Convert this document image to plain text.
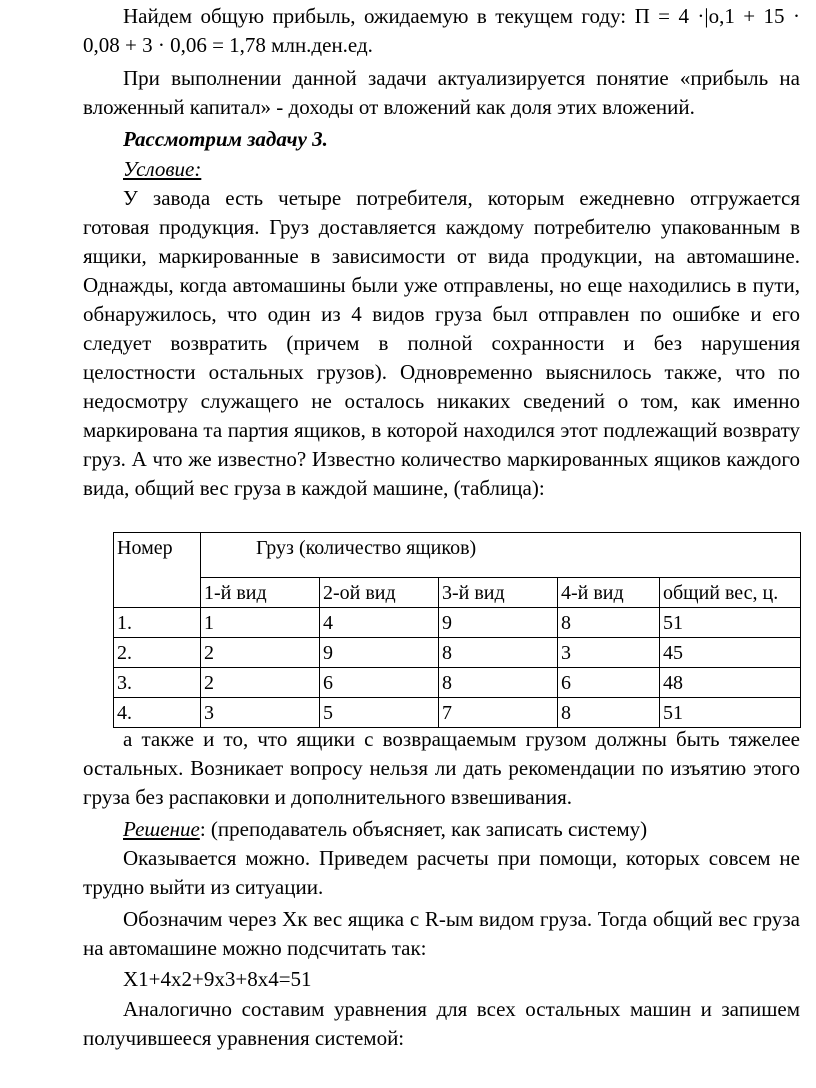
Найдем общую прибыль, ожидаемую в текущем году: П = 4 ·|о,1 + 15 · 0,08 + 3 · 0,06 = 1,78 млн.ден.ед.

При выполнении данной задачи актуализируется понятие «прибыль на вложенный капитал» - доходы от вложений как доля этих вложений.

Рассмотрим задачу 3.

Условие:

У завода есть четыре потребителя, которым ежедневно отгружается готовая продукция. Груз доставляется каждому потребителю упакованным в ящики, маркированные в зависимости от вида продукции, на автомашине. Однажды, когда автомашины были уже отправлены, но еще находились в пути, обнаружилось, что один из 4 видов груза был отправлен по ошибке и его следует возвратить (причем в полной сохранности и без нарушения целостности остальных грузов). Одновременно выяснилось также, что по недосмотру служащего не осталось никаких сведений о том, как именно маркирована та партия ящиков, в которой находился этот подлежащий возврату груз. А что же известно? Известно количество маркированных ящиков каждого вида, общий вес груза в каждой машине, (таблица):

Номер	Груз (количество ящиков)				
	1-й вид	2-ой вид	3-й вид	4-й вид	общий вес, ц.
1.	1	4	9	8	51
2.	2	9	8	3	45
3.	2	6	8	6	48
4.	3	5	7	8	51

а также и то, что ящики с возвращаемым грузом должны быть тяжелее остальных. Возникает вопросу нельзя ли дать рекомендации по изъятию этого груза без распаковки и дополнительного взвешивания.

Решение: (преподаватель объясняет, как записать систему)

Оказывается можно. Приведем расчеты при помощи, которых совсем не трудно выйти из ситуации.

Обозначим через Хк вес ящика с R-ым видом груза. Тогда общий вес груза на автомашине можно подсчитать так:

X1+4x2+9x3+8x4=51

Аналогично составим уравнения для всех остальных машин и запишем получившееся уравнения системой:
